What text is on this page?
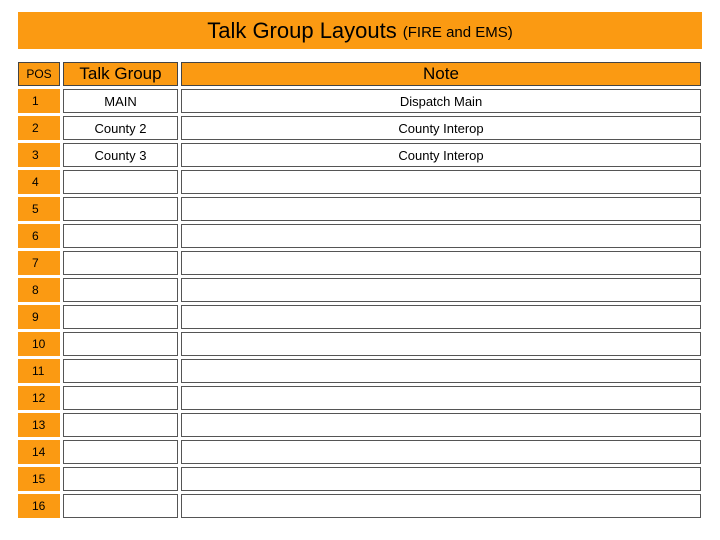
Talk Group Layouts (FIRE and EMS)
POS
1
2
3
4
5
6
7
8
9
10
11
12
13
14
15
16
Talk Group
MAIN
County 2
County 3
Note
Dispatch Main
County Interop
County Interop
